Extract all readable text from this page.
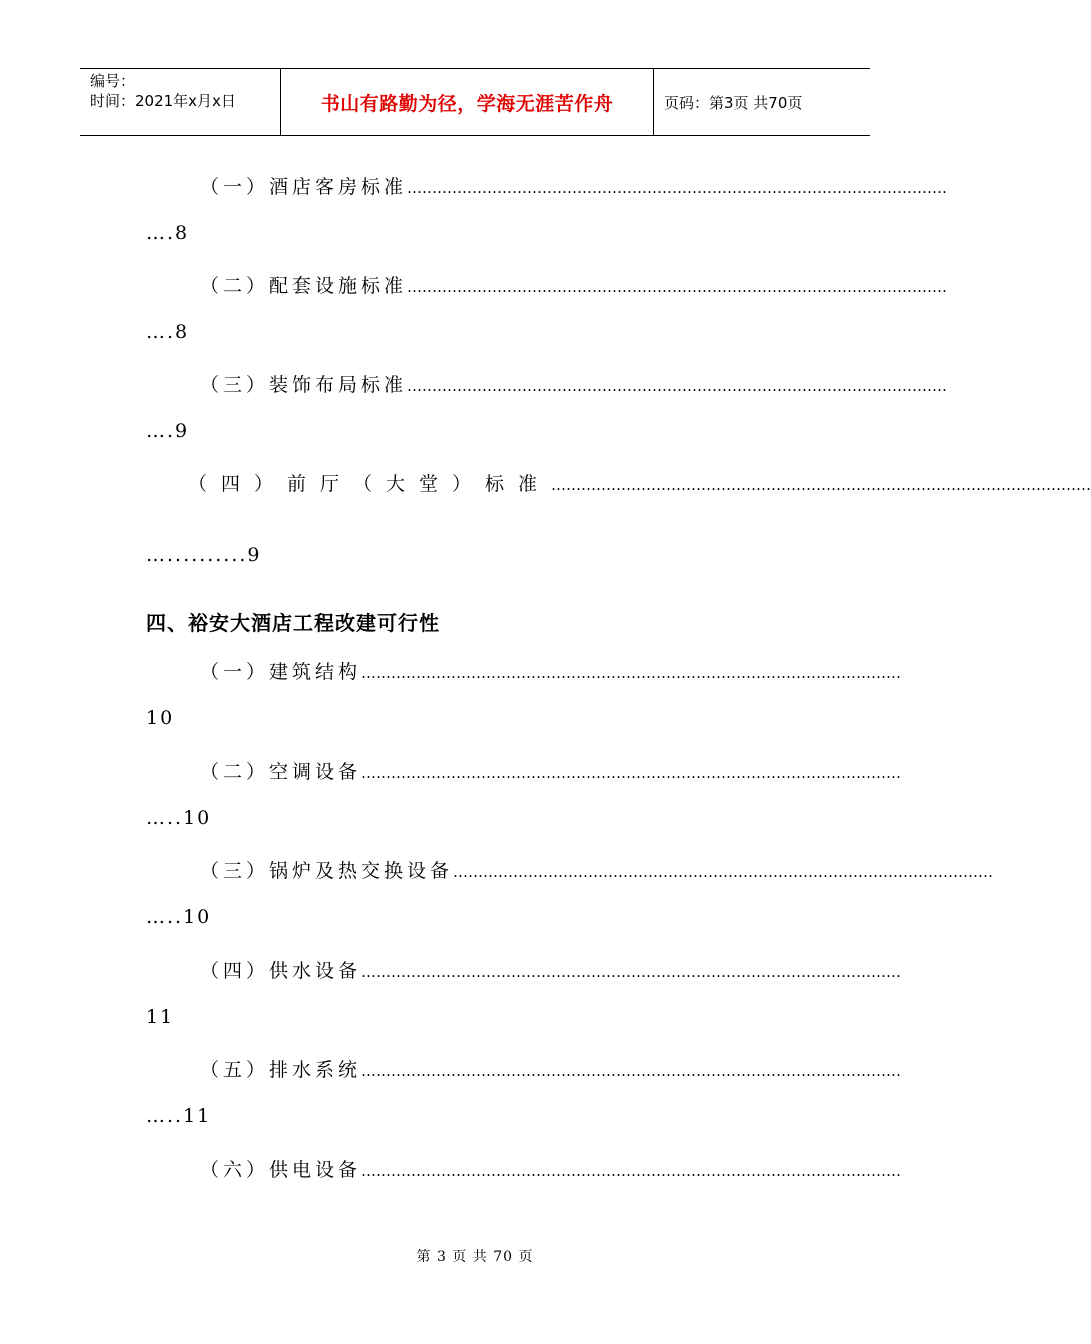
编号：
时间：2021年x月x日	书山有路勤为径，学海无涯苦作舟	页码：第3页 共70页
（一）酒店客房标准 ………………………………………………………………………………………………
….8
（二）配套设施标准 ………………………………………………………………………………………………
….8
（三）装饰布局标准 ………………………………………………………………………………………………
….9
（四）前厅（大堂）标准 ………………………………………………………………………………………………
…..........9
四、裕安大酒店工程改建可行性
（一）建筑结构 ………………………………………………………………………………………………
10
（二）空调设备 ………………………………………………………………………………………………
…..10
（三）锅炉及热交换设备 ………………………………………………………………………………………………
…..10
（四）供水设备 ………………………………………………………………………………………………
11
（五）排水系统 ………………………………………………………………………………………………
…..11
（六）供电设备 ………………………………………………………………………………………………
第 3 页 共 70 页
